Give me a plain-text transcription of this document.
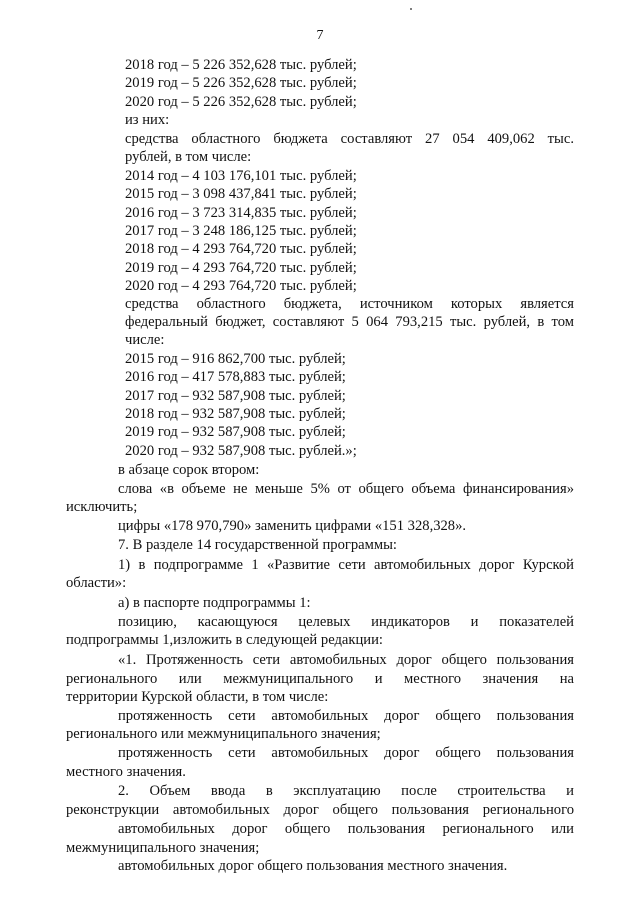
7
2018 год – 5 226 352,628 тыс. рублей;
2019 год – 5 226 352,628 тыс. рублей;
2020 год – 5 226 352,628 тыс. рублей;
из них:
средства областного бюджета составляют 27 054 409,062 тыс.
рублей, в том числе:
2014 год – 4 103 176,101 тыс. рублей;
2015 год – 3 098 437,841 тыс. рублей;
2016 год – 3 723 314,835 тыс. рублей;
2017 год – 3 248 186,125 тыс. рублей;
2018 год – 4 293 764,720 тыс. рублей;
2019 год – 4 293 764,720 тыс. рублей;
2020 год – 4 293 764,720 тыс. рублей;
средства областного бюджета, источником которых является
федеральный бюджет, составляют 5 064 793,215 тыс. рублей, в том
числе:
2015 год – 916 862,700 тыс. рублей;
2016 год – 417 578,883 тыс. рублей;
2017 год – 932 587,908 тыс. рублей;
2018 год – 932 587,908 тыс. рублей;
2019 год – 932 587,908 тыс. рублей;
2020 год – 932 587,908 тыс. рублей.»;
в абзаце сорок втором:
слова «в объеме не меньше 5% от общего объема финансирования»
исключить;
цифры «178 970,790» заменить цифрами «151 328,328».
7. В разделе 14 государственной программы:
1) в подпрограмме 1 «Развитие сети автомобильных дорог Курской
области»:
а) в паспорте подпрограммы 1:
позицию, касающуюся целевых индикаторов и показателей
подпрограммы 1,изложить в следующей редакции:
«1. Протяженность сети автомобильных дорог общего пользования
регионального или межмуниципального и местного значения на
территории Курской области, в том числе:
протяженность сети автомобильных дорог общего пользования
регионального или межмуниципального значения;
протяженность сети автомобильных дорог общего пользования
местного значения.
2. Объем ввода в эксплуатацию после строительства и
реконструкции автомобильных дорог общего пользования регионального
автомобильных дорог общего пользования регионального или
межмуниципального значения;
автомобильных дорог общего пользования местного значения.
